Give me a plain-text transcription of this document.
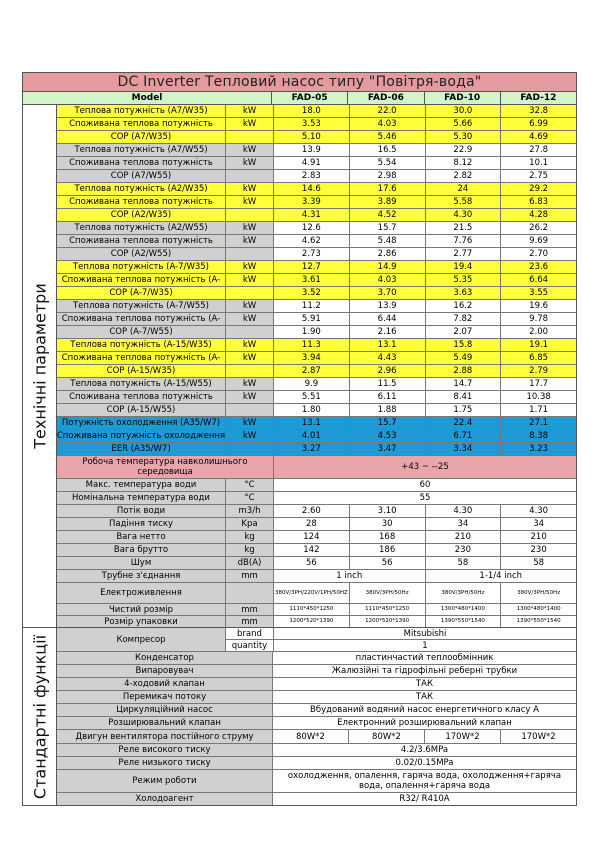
DC Inverter Тепловий насос типу "Повітря-вода"
Model	FAD-05	FAD-06	FAD-10	FAD-12
Технічні параметри
Теплова потужність (A7/W35)	kW	18.0	22.0	30.0	32.8
Споживана теплова потужність	kW	3.53	4.03	5.66	6.99
COP (A7/W35)	5.10	5.46	5.30	4.69
Теплова потужність (A7/W55)	kW	13.9	16.5	22.9	27.8
Споживана теплова потужність	kW	4.91	5.54	8.12	10.1
COP (A7/W55)	2.83	2.98	2.82	2.75
Теплова потужність (A2/W35)	kW	14.6	17.6	24	29.2
Споживана теплова потужність	kW	3.39	3.89	5.58	6.83
COP (A2/W35)	4.31	4.52	4.30	4.28
Теплова потужність (A2/W55)	kW	12.6	15.7	21.5	26.2
Споживана теплова потужність	kW	4.62	5.48	7.76	9.69
COP (A2/W55)	2.73	2.86	2.77	2.70
Теплова потужність (A-7/W35)	kW	12.7	14.9	19.4	23.6
Споживана теплова потужність (A-	kW	3.61	4.03	5.35	6.64
COP (A-7/W35)	3.52	3.70	3.63	3.55
Теплова потужність (A-7/W55)	kW	11.2	13.9	16.2	19.6
Споживана теплова потужність (A-	kW	5.91	6.44	7.82	9.78
COP (A-7/W55)	1.90	2.16	2.07	2.00
Теплова потужність (A-15/W35)	kW	11.3	13.1	15.8	19.1
Споживана теплова потужність (A-	kW	3.94	4.43	5.49	6.85
COP (A-15/W35)	2.87	2.96	2.88	2.79
Теплова потужність (A-15/W55)	kW	9.9	11.5	14.7	17.7
Споживана теплова потужність	kW	5.51	6.11	8.41	10.38
COP (A-15/W55)	1.80	1.88	1.75	1.71
Потужність охолодження (A35/W7)	kW	13.1	15.7	22.4	27.1
Споживана потужність охолодження	kW	4.01	4.53	6.71	8.38
EER (A35/W7)	3.27	3.47	3.34	3.23
Робоча температура навколишнього середовища	+43 ~ --25
Макс. температура води	°C	60
Номінальна температура води	°C	55
Потік води	m3/h	2.60	3.10	4.30	4.30
Падіння тиску	Kpa	28	30	34	34
Вага нетто	kg	124	168	210	210
Вага брутто	kg	142	186	230	230
Шум	dB(A)	56	56	58	58
Трубне з'єднання	mm	1 inch	1-1/4 inch
Електроживлення	380V/3PH/220V/1PH/50HZ	380V/3PH/50Hz	380V/3PH/50Hz	380V/3PH/50Hz
Чистий розмір	mm	1110*450*1250	1110*450*1250	1300*480*1400	1300*480*1400
Розмір упаковки	mm	1200*520*1390	1200*520*1390	1390*550*1540	1390*550*1540
Стандартні функції	Компресор
brand	Mitsubishi
quantity	1
Конденсатор	пластинчастий теплообмінник
Випаровувач	Жалюзійні та гідрофільні реберні трубки
4-ходовий клапан	ТАК
Перемикач потоку	ТАК
Циркуляційний насос	Вбудований водяний насос енергетичного класу А
Розширювальний клапан	Електронний розширювальний клапан
Двигун вентилятора постійного струму	80W*2	80W*2	170W*2	170W*2
Реле високого тиску	4.2/3.6MPa
Реле низького тиску	0.02/0.15MPa
Режим роботи	охолодження, опалення, гаряча вода, охолодження+гаряча вода, опалення+гаряча вода
Холодоагент	R32/ R410A
